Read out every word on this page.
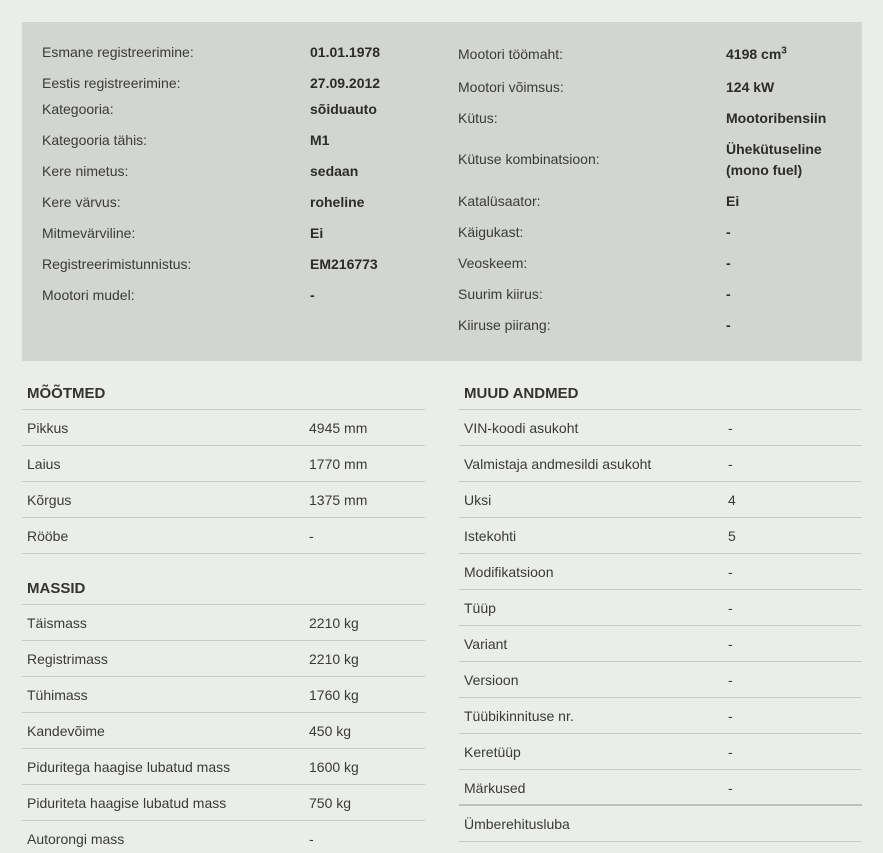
Esmane registreerimine:	01.01.1978
Eestis registreerimine:	27.09.2012
Kategooria:	sõiduauto
Kategooria tähis:	M1
Kere nimetus:	sedaan
Kere värvus:	roheline
Mitmevärviline:	Ei
Registreerimistunnistus:	EM216773
Mootori mudel:	-
Mootori töömaht:	4198 $cm^3$
Mootori võimsus:	124 kW
Kütus:	Mootoribensiin
Kütuse kombinatsioon:
Ühekütuseline
(mono fuel)
Katalüsaator:	Ei
Käigukast:	-
Veoskeem:	-
Suurim kiirus:	-
Kiiruse piirang:	-
MÕÕTMED
Pikkus	4945 mm
Laius	1770 mm
Kõrgus	1375 mm
Rööbe	-
MASSID
Täismass	2210 kg
Registrimass	2210 kg
Tühimass	1760 kg
Kandevõime	450 kg
Piduritega haagise lubatud mass	1600 kg
Piduriteta haagise lubatud mass	750 kg
Autorongi mass	-
MUUD ANDMED
VIN-koodi asukoht	-
Valmistaja andmesildi asukoht	-
Uksi	4
Istekohti	5
Modifikatsioon	-
Tüüp	-
Variant	-
Versioon	-
Tüübikinnituse nr.	-
Keretüüp	-
Märkused	-
Ümberehitusluba
